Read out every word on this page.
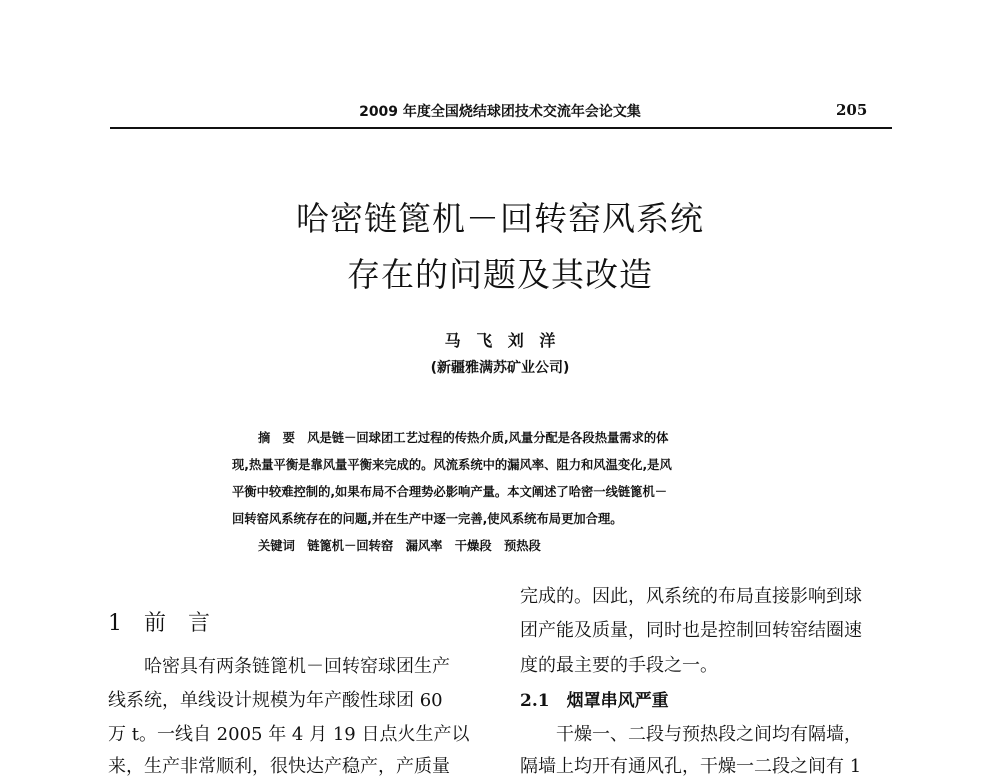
2009 年度全国烧结球团技术交流年会论文集	205
哈密链篦机－回转窑风系统
存在的问题及其改造
马 飞 刘 洋
(新疆雅满苏矿业公司)
摘　要　风是链－回球团工艺过程的传热介质,风量分配是各段热量需求的体
现,热量平衡是靠风量平衡来完成的。风流系统中的漏风率、阻力和风温变化,是风
平衡中较难控制的,如果布局不合理势必影响产量。本文阐述了哈密一线链篦机－
回转窑风系统存在的问题,并在生产中逐一完善,使风系统布局更加合理。
关键词　链篦机－回转窑　漏风率　干燥段　预热段
1　前　言
　　哈密具有两条链篦机－回转窑球团生产
线系统，单线设计规模为年产酸性球团 60
万 t。一线自 2005 年 4 月 19 日点火生产以
来，生产非常顺利，很快达产稳产，产质量
完成的。因此，风系统的布局直接影响到球
团产能及质量，同时也是控制回转窑结圈速
度的最主要的手段之一。
2.1　烟罩串风严重
　　干燥一、二段与预热段之间均有隔墙，
隔墙上均开有通风孔，干燥一二段之间有 1
